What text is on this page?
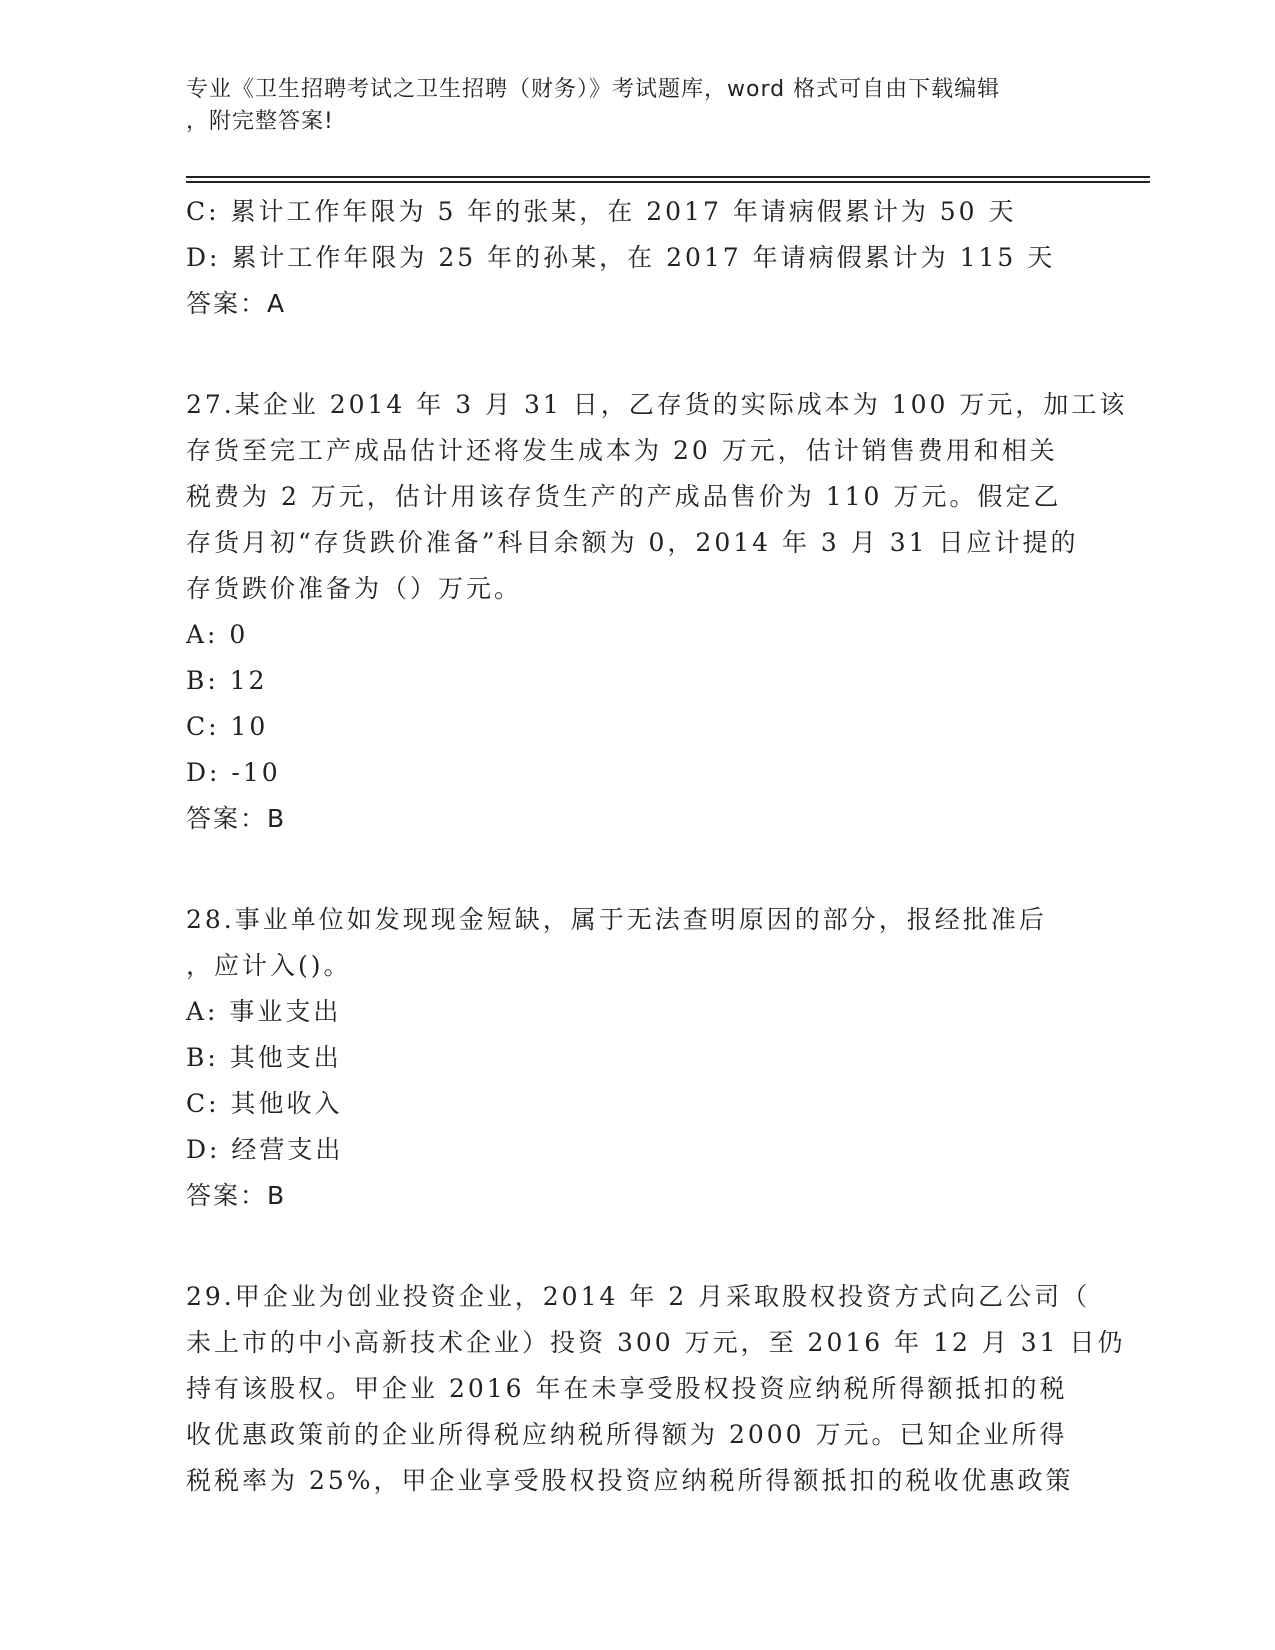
专业《卫生招聘考试之卫生招聘（财务）》考试题库，word 格式可自由下载编辑
，附完整答案!
C: 累计工作年限为 5 年的张某，在 2017 年请病假累计为 50 天
D: 累计工作年限为 25 年的孙某，在 2017 年请病假累计为 115 天
答案：A
27.某企业 2014 年 3 月 31 日，乙存货的实际成本为 100 万元，加工该
存货至完工产成品估计还将发生成本为 20 万元，估计销售费用和相关
税费为 2 万元，估计用该存货生产的产成品售价为 110 万元。假定乙
存货月初“存货跌价准备”科目余额为 0，2014 年 3 月 31 日应计提的
存货跌价准备为（）万元。
A: 0
B: 12
C: 10
D: -10
答案：B
28.事业单位如发现现金短缺，属于无法查明原因的部分，报经批准后
，应计入()。
A: 事业支出
B: 其他支出
C: 其他收入
D: 经营支出
答案：B
29.甲企业为创业投资企业，2014 年 2 月采取股权投资方式向乙公司（
未上市的中小高新技术企业）投资 300 万元，至 2016 年 12 月 31 日仍
持有该股权。甲企业 2016 年在未享受股权投资应纳税所得额抵扣的税
收优惠政策前的企业所得税应纳税所得额为 2000 万元。已知企业所得
税税率为 25%，甲企业享受股权投资应纳税所得额抵扣的税收优惠政策
